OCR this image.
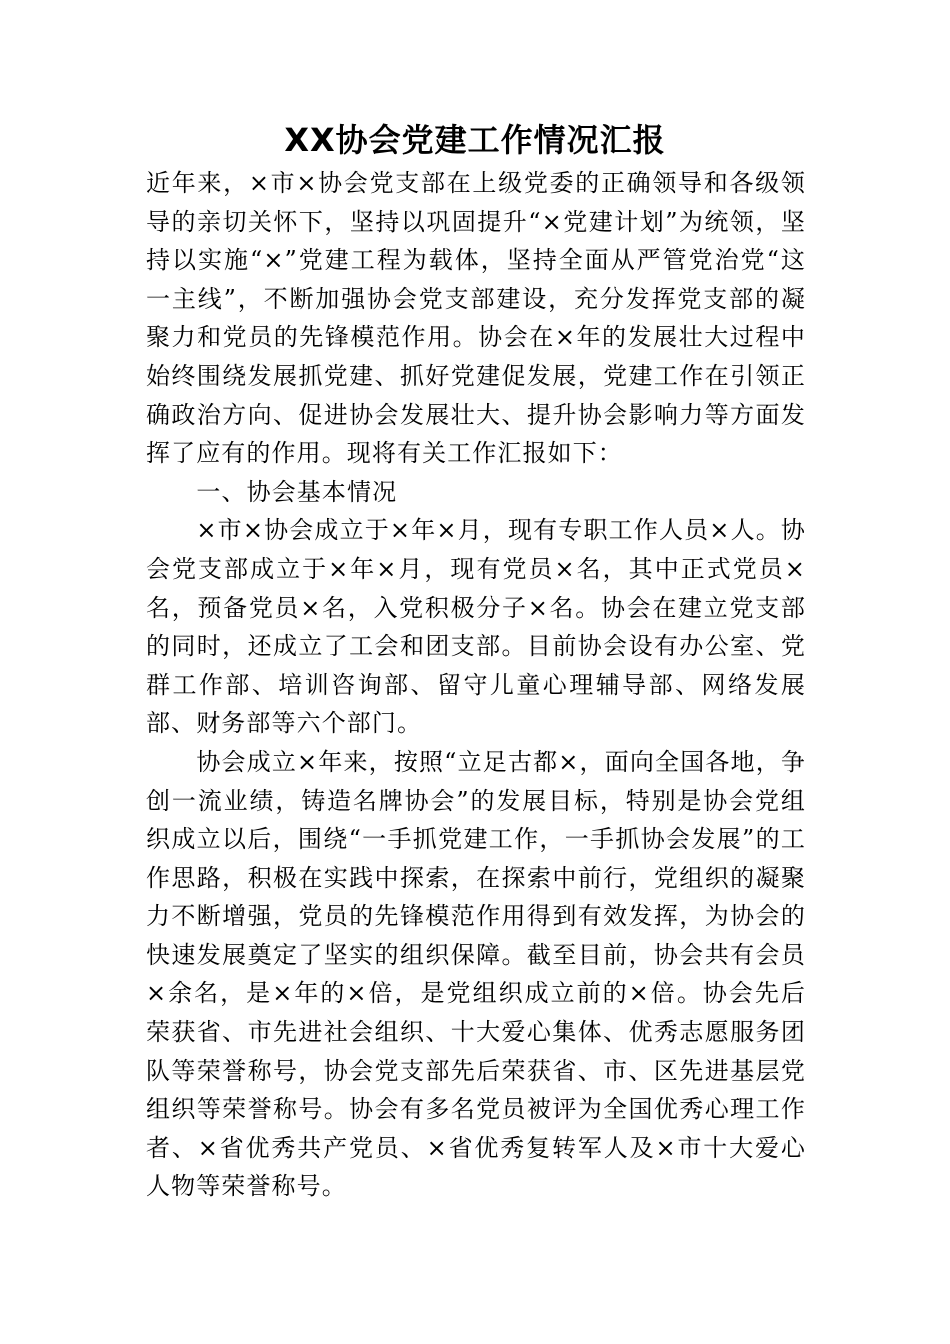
XX协会党建工作情况汇报

近年来，×市×协会党支部在上级党委的正确领导和各级领导的亲切关怀下，坚持以巩固提升“×党建计划”为统领，坚持以实施“×”党建工程为载体，坚持全面从严管党治党“这一主线”，不断加强协会党支部建设，充分发挥党支部的凝聚力和党员的先锋模范作用。协会在×年的发展壮大过程中始终围绕发展抓党建、抓好党建促发展，党建工作在引领正确政治方向、促进协会发展壮大、提升协会影响力等方面发挥了应有的作用。现将有关工作汇报如下：

一、协会基本情况

×市×协会成立于×年×月，现有专职工作人员×人。协会党支部成立于×年×月，现有党员×名，其中正式党员×名，预备党员×名，入党积极分子×名。协会在建立党支部的同时，还成立了工会和团支部。目前协会设有办公室、党群工作部、培训咨询部、留守儿童心理辅导部、网络发展部、财务部等六个部门。

协会成立×年来，按照“立足古都×，面向全国各地，争创一流业绩，铸造名牌协会”的发展目标，特别是协会党组织成立以后，围绕“一手抓党建工作，一手抓协会发展”的工作思路，积极在实践中探索，在探索中前行，党组织的凝聚力不断增强，党员的先锋模范作用得到有效发挥，为协会的快速发展奠定了坚实的组织保障。截至目前，协会共有会员×余名，是×年的×倍，是党组织成立前的×倍。协会先后荣获省、市先进社会组织、十大爱心集体、优秀志愿服务团队等荣誉称号，协会党支部先后荣获省、市、区先进基层党组织等荣誉称号。协会有多名党员被评为全国优秀心理工作者、×省优秀共产党员、×省优秀复转军人及×市十大爱心人物等荣誉称号。
